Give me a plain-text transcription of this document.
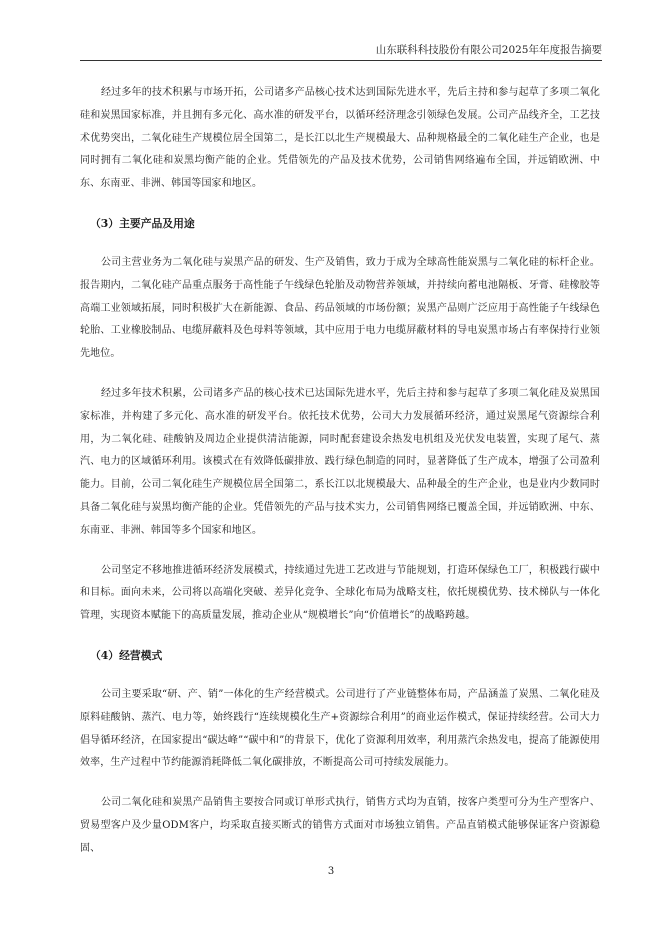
山东联科科技股份有限公司2025年年度报告摘要

经过多年的技术积累与市场开拓，公司诸多产品核心技术达到国际先进水平，先后主持和参与起草了多项二氧化硅和炭黑国家标准，并且拥有多元化、高水准的研发平台，以循环经济理念引领绿色发展。公司产品线齐全，工艺技术优势突出，二氧化硅生产规模位居全国第二，是长江以北生产规模最大、品种规格最全的二氧化硅生产企业，也是同时拥有二氧化硅和炭黑均衡产能的企业。凭借领先的产品及技术优势，公司销售网络遍布全国，并远销欧洲、中东、东南亚、非洲、韩国等国家和地区。

（3）主要产品及用途

公司主营业务为二氧化硅与炭黑产品的研发、生产及销售，致力于成为全球高性能炭黑与二氧化硅的标杆企业。报告期内，二氧化硅产品重点服务于高性能子午线绿色轮胎及动物营养领域，并持续向蓄电池隔板、牙膏、硅橡胶等高端工业领域拓展，同时积极扩大在新能源、食品、药品领域的市场份额；炭黑产品则广泛应用于高性能子午线绿色轮胎、工业橡胶制品、电缆屏蔽料及色母料等领域，其中应用于电力电缆屏蔽材料的导电炭黑市场占有率保持行业领先地位。

经过多年技术积累，公司诸多产品的核心技术已达国际先进水平，先后主持和参与起草了多项二氧化硅及炭黑国家标准，并构建了多元化、高水准的研发平台。依托技术优势，公司大力发展循环经济，通过炭黑尾气资源综合利用，为二氧化硅、硅酸钠及周边企业提供清洁能源，同时配套建设余热发电机组及光伏发电装置，实现了尾气、蒸汽、电力的区域循环利用。该模式在有效降低碳排放、践行绿色制造的同时，显著降低了生产成本，增强了公司盈利能力。目前，公司二氧化硅生产规模位居全国第二，系长江以北规模最大、品种最全的生产企业，也是业内少数同时具备二氧化硅与炭黑均衡产能的企业。凭借领先的产品与技术实力，公司销售网络已覆盖全国，并远销欧洲、中东、东南亚、非洲、韩国等多个国家和地区。

公司坚定不移地推进循环经济发展模式，持续通过先进工艺改进与节能规划，打造环保绿色工厂，积极践行碳中和目标。面向未来，公司将以高端化突破、差异化竞争、全球化布局为战略支柱，依托规模优势、技术梯队与一体化管理，实现资本赋能下的高质量发展，推动企业从“规模增长”向“价值增长”的战略跨越。

（4）经营模式

公司主要采取“研、产、销”一体化的生产经营模式。公司进行了产业链整体布局，产品涵盖了炭黑、二氧化硅及原料硅酸钠、蒸汽、电力等，始终践行“连续规模化生产+资源综合利用”的商业运作模式，保证持续经营。公司大力倡导循环经济，在国家提出“碳达峰”“碳中和”的背景下，优化了资源利用效率，利用蒸汽余热发电，提高了能源使用效率，生产过程中节约能源消耗降低二氧化碳排放，不断提高公司可持续发展能力。

公司二氧化硅和炭黑产品销售主要按合同或订单形式执行，销售方式均为直销，按客户类型可分为生产型客户、贸易型客户及少量ODM客户，均采取直接买断式的销售方式面对市场独立销售。产品直销模式能够保证客户资源稳固、

3
